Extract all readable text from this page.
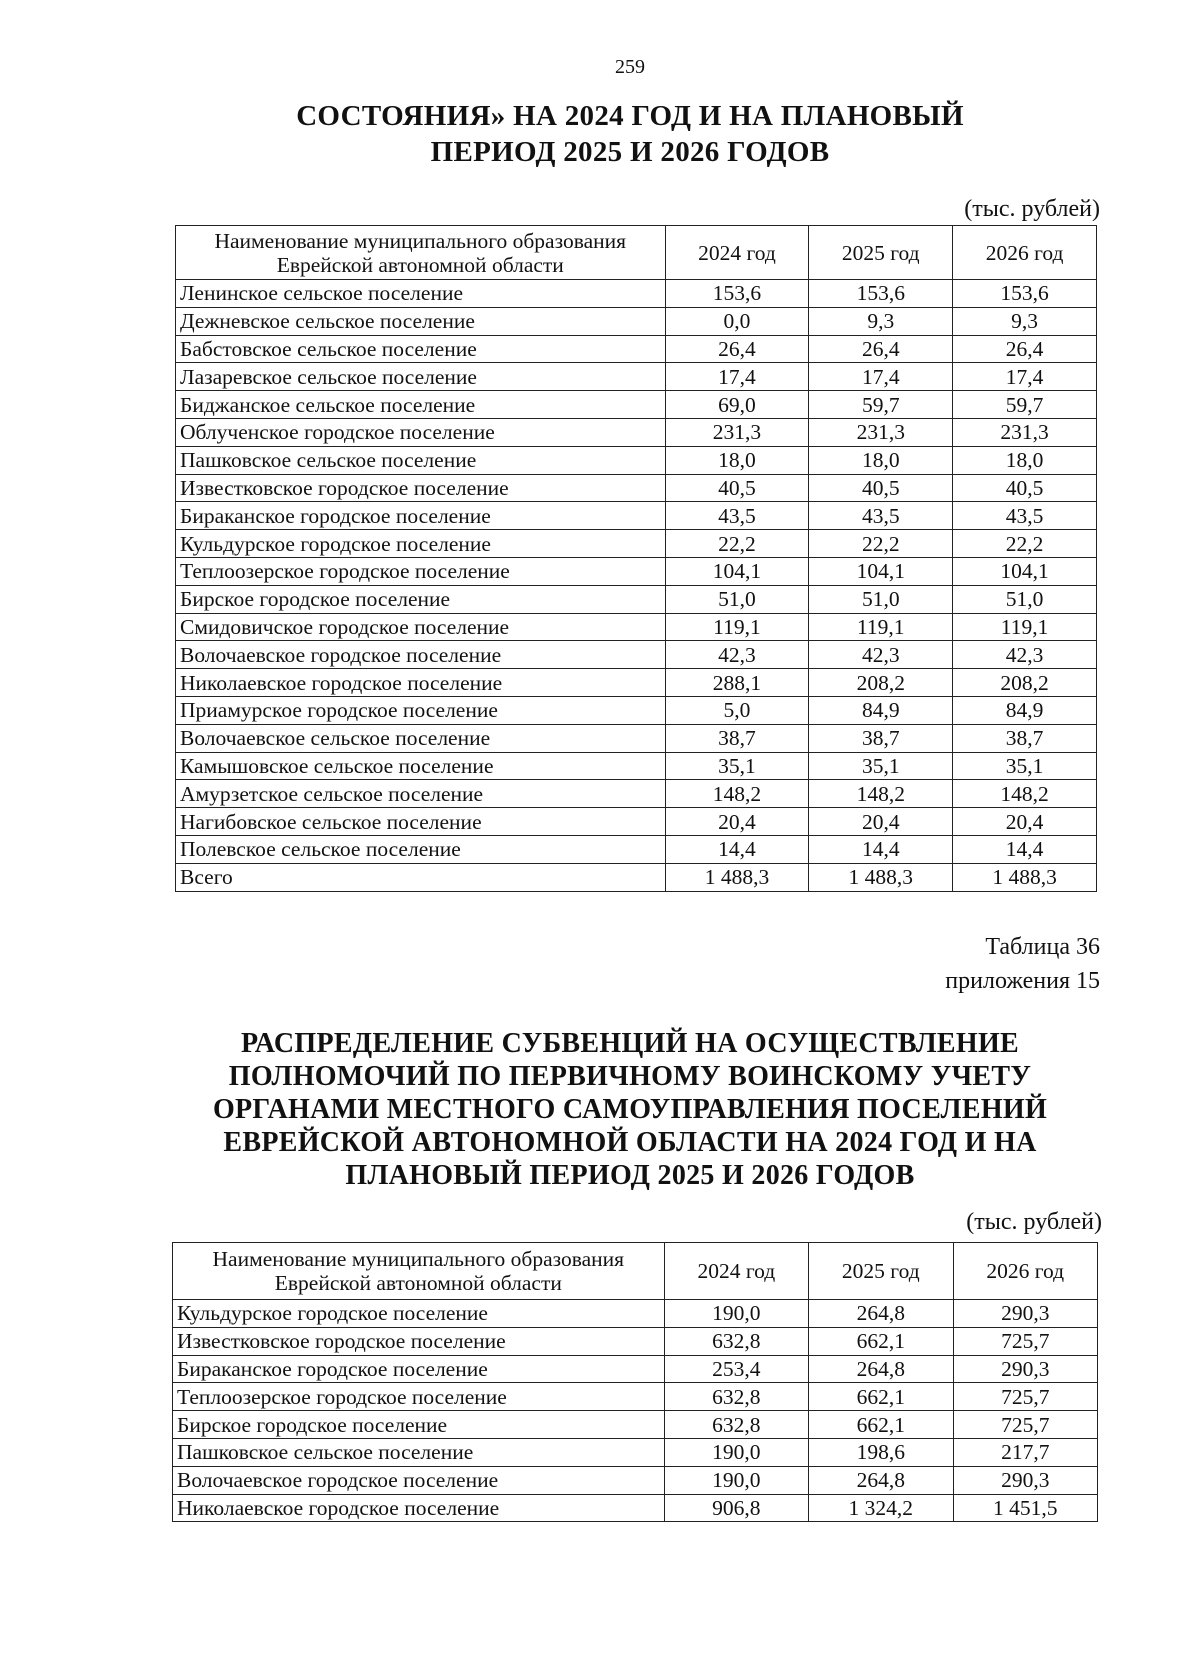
259
СОСТОЯНИЯ» НА 2024 ГОД И НА ПЛАНОВЫЙ
ПЕРИОД 2025 И 2026 ГОДОВ
(тыс. рублей)
Наименование муниципального образования Еврейской автономной области	2024 год	2025 год	2026 год
Ленинское сельское поселение	153,6	153,6	153,6
Дежневское сельское поселение	0,0	9,3	9,3
Бабстовское сельское поселение	26,4	26,4	26,4
Лазаревское сельское поселение	17,4	17,4	17,4
Биджанское сельское поселение	69,0	59,7	59,7
Облученское городское поселение	231,3	231,3	231,3
Пашковское сельское поселение	18,0	18,0	18,0
Известковское городское поселение	40,5	40,5	40,5
Бираканское городское поселение	43,5	43,5	43,5
Кульдурское городское поселение	22,2	22,2	22,2
Теплоозерское городское поселение	104,1	104,1	104,1
Бирское городское поселение	51,0	51,0	51,0
Смидовичское городское поселение	119,1	119,1	119,1
Волочаевское городское поселение	42,3	42,3	42,3
Николаевское городское поселение	288,1	208,2	208,2
Приамурское городское поселение	5,0	84,9	84,9
Волочаевское сельское поселение	38,7	38,7	38,7
Камышовское сельское поселение	35,1	35,1	35,1
Амурзетское сельское поселение	148,2	148,2	148,2
Нагибовское сельское поселение	20,4	20,4	20,4
Полевское сельское поселение	14,4	14,4	14,4
Всего	1 488,3	1 488,3	1 488,3
Таблица 36
приложения 15
РАСПРЕДЕЛЕНИЕ СУБВЕНЦИЙ НА ОСУЩЕСТВЛЕНИЕ
ПОЛНОМОЧИЙ ПО ПЕРВИЧНОМУ ВОИНСКОМУ УЧЕТУ
ОРГАНАМИ МЕСТНОГО САМОУПРАВЛЕНИЯ ПОСЕЛЕНИЙ
ЕВРЕЙСКОЙ АВТОНОМНОЙ ОБЛАСТИ НА 2024 ГОД И НА
ПЛАНОВЫЙ ПЕРИОД 2025 И 2026 ГОДОВ
(тыс. рублей)
Наименование муниципального образования Еврейской автономной области	2024 год	2025 год	2026 год
Кульдурское городское поселение	190,0	264,8	290,3
Известковское городское поселение	632,8	662,1	725,7
Бираканское городское поселение	253,4	264,8	290,3
Теплоозерское городское поселение	632,8	662,1	725,7
Бирское городское поселение	632,8	662,1	725,7
Пашковское сельское поселение	190,0	198,6	217,7
Волочаевское городское поселение	190,0	264,8	290,3
Николаевское городское поселение	906,8	1 324,2	1 451,5
